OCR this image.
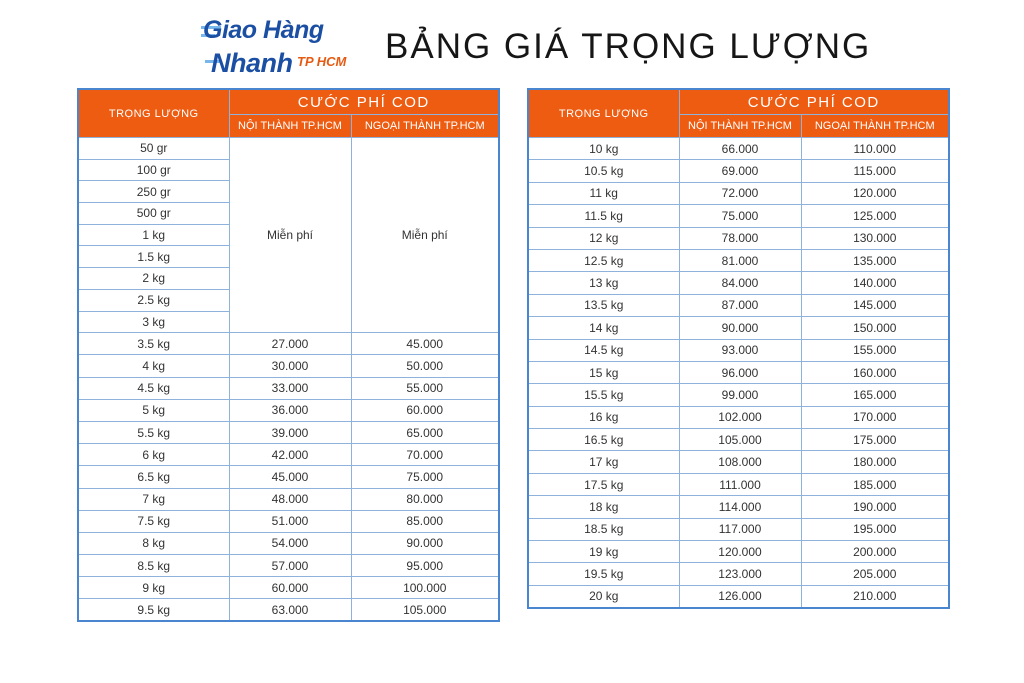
Giao Hàng
Nhanh TP HCM BẢNG GIÁ TRỌNG LƯỢNG
TRỌNG LƯỢNG	CƯỚC PHÍ COD	
	NỘI THÀNH TP.HCM	NGOẠI THÀNH TP.HCM
50 gr	Miễn phí	Miễn phí
100 gr		
250 gr		
500 gr		
1 kg		
1.5 kg		
2 kg		
2.5 kg		
3 kg		
3.5 kg	27.000	45.000
4 kg	30.000	50.000
4.5 kg	33.000	55.000
5 kg	36.000	60.000
5.5 kg	39.000	65.000
6 kg	42.000	70.000
6.5 kg	45.000	75.000
7 kg	48.000	80.000
7.5 kg	51.000	85.000
8 kg	54.000	90.000
8.5 kg	57.000	95.000
9 kg	60.000	100.000
9.5 kg	63.000	105.000
TRỌNG LƯỢNG	CƯỚC PHÍ COD	
	NỘI THÀNH TP.HCM	NGOẠI THÀNH TP.HCM
10 kg	66.000	110.000
10.5 kg	69.000	115.000
11 kg	72.000	120.000
11.5 kg	75.000	125.000
12 kg	78.000	130.000
12.5 kg	81.000	135.000
13 kg	84.000	140.000
13.5 kg	87.000	145.000
14 kg	90.000	150.000
14.5 kg	93.000	155.000
15 kg	96.000	160.000
15.5 kg	99.000	165.000
16 kg	102.000	170.000
16.5 kg	105.000	175.000
17 kg	108.000	180.000
17.5 kg	111.000	185.000
18 kg	114.000	190.000
18.5 kg	117.000	195.000
19 kg	120.000	200.000
19.5 kg	123.000	205.000
20 kg	126.000	210.000
